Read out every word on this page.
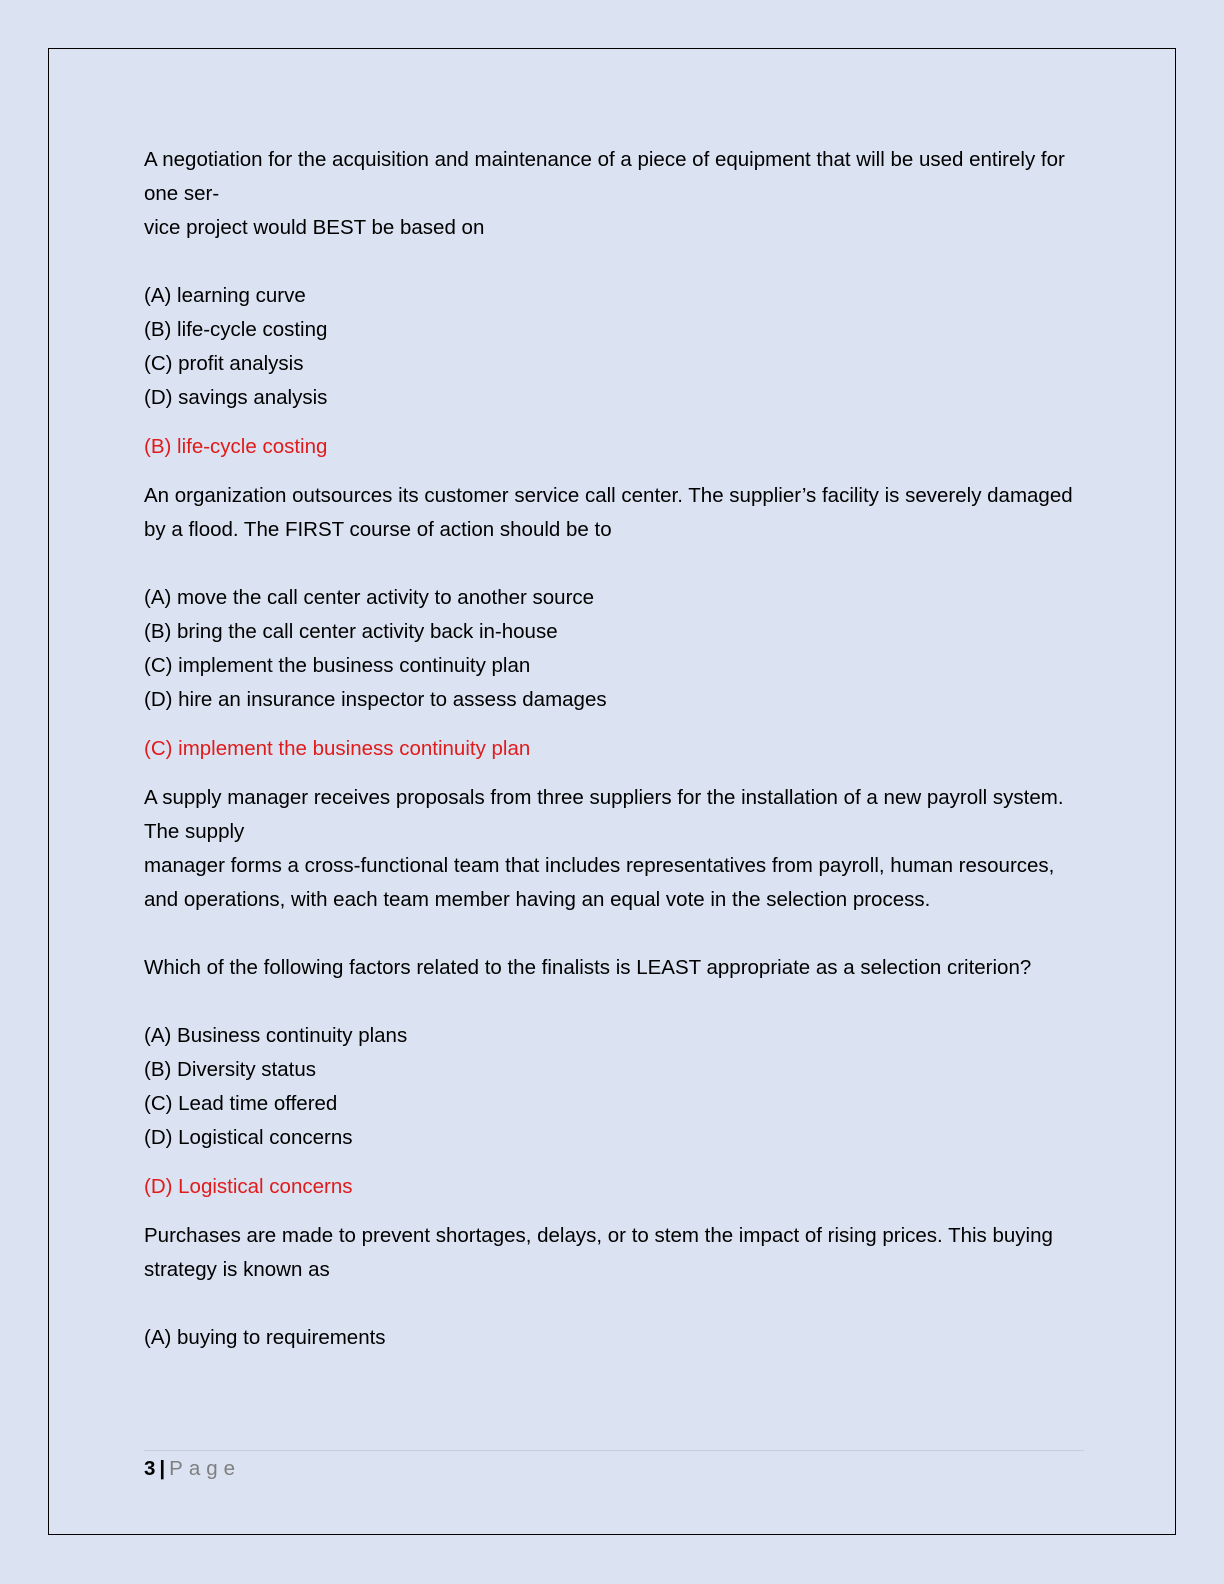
A negotiation for the acquisition and maintenance of a piece of equipment that will be used entirely for one ser-

vice project would BEST be based on

(A) learning curve

(B) life-cycle costing

(C) profit analysis

(D) savings analysis

(B) life-cycle costing

An organization outsources its customer service call center. The supplier’s facility is severely damaged by a flood. The FIRST course of action should be to

(A) move the call center activity to another source

(B) bring the call center activity back in-house

(C) implement the business continuity plan

(D) hire an insurance inspector to assess damages

(C) implement the business continuity plan

A supply manager receives proposals from three suppliers for the installation of a new payroll system. The supply

manager forms a cross-functional team that includes representatives from payroll, human resources, and operations, with each team member having an equal vote in the selection process.

Which of the following factors related to the finalists is LEAST appropriate as a selection criterion?

(A) Business continuity plans

(B) Diversity status

(C) Lead time offered

(D) Logistical concerns

(D) Logistical concerns

Purchases are made to prevent shortages, delays, or to stem the impact of rising prices. This buying strategy is known as

(A) buying to requirements

3 | Page
